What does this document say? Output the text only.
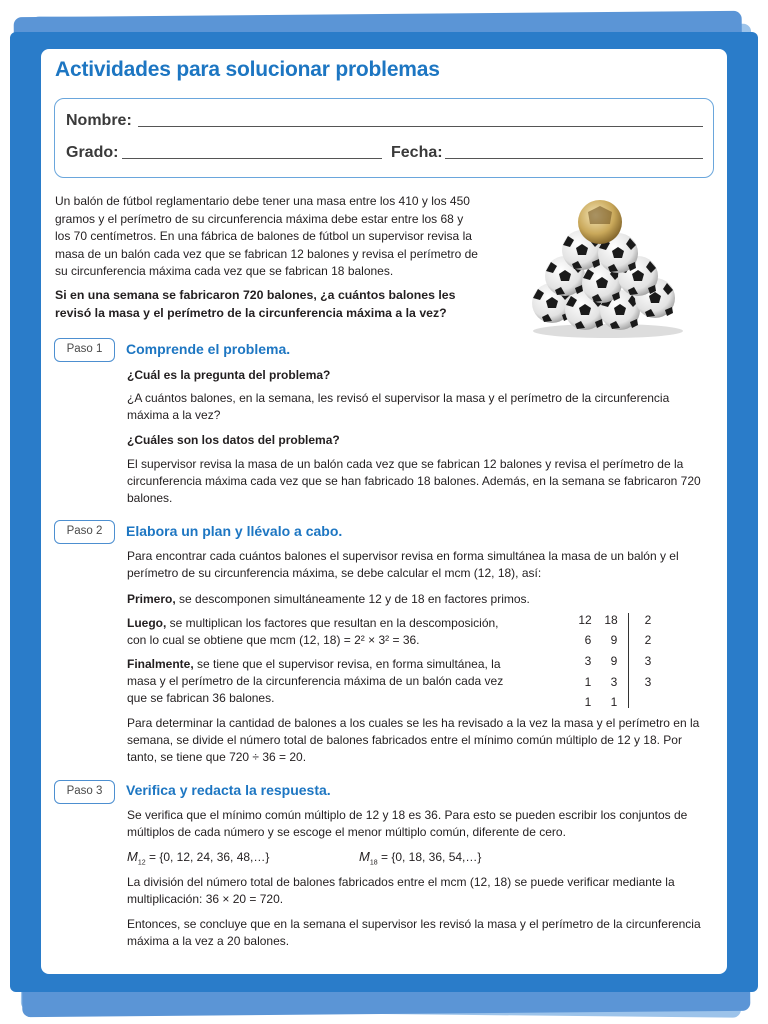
Actividades para solucionar problemas
Nombre:
Grado:	Fecha:

Un balón de fútbol reglamentario debe tener una masa entre los 410 y los 450 gramos y el perímetro de su circunferencia máxima debe estar entre los 68 y los 70 centímetros. En una fábrica de balones de fútbol un supervisor revisa la masa de un balón cada vez que se fabrican 12 balones y revisa el perímetro de su circunferencia máxima cada vez que se fabrican 18 balones.

Si en una semana se fabricaron 720 balones, ¿a cuántos balones les revisó la masa y el perímetro de la circunferencia máxima a la vez?

Paso 1	Comprende el problema.

¿Cuál es la pregunta del problema?

¿A cuántos balones, en la semana, les revisó el supervisor la masa y el perímetro de la circunferencia máxima a la vez?

¿Cuáles son los datos del problema?

El supervisor revisa la masa de un balón cada vez que se fabrican 12 balones y revisa el perímetro de la circunferencia máxima cada vez que se han fabricado 18 balones. Además, en la semana se fabricaron 720 balones.

Paso 2	Elabora un plan y llévalo a cabo.

Para encontrar cada cuántos balones el supervisor revisa en forma simultánea la masa de un balón y el perímetro de su circunferencia máxima, se debe calcular el mcm (12, 18), así:

Primero, se descomponen simultáneamente 12 y de 18 en factores primos.

Luego, se multiplican los factores que resultan en la descomposición, con lo cual se obtiene que mcm (12, 18) = 2² × 3² = 36.

Finalmente, se tiene que el supervisor revisa, en forma simultánea, la masa y el perímetro de la circunferencia máxima de un balón cada vez que se fabrican 36 balones.

12	18	2
6	9	2
3	9	3
1	3	3
1	1

Para determinar la cantidad de balones a los cuales se les ha revisado a la vez la masa y el perímetro en la semana, se divide el número total de balones fabricados entre el mínimo común múltiplo de 12 y 18. Por tanto, se tiene que 720 ÷ 36 = 20.

Paso 3	Verifica y redacta la respuesta.

Se verifica que el mínimo común múltiplo de 12 y 18 es 36. Para esto se pueden escribir los conjuntos de múltiplos de cada número y se escoge el menor múltiplo común, diferente de cero.

$M_{12} = \{0$, 12, 24, 36, 48,…}	$M_{18} = \{0$, 18, 36, 54,…}

La división del número total de balones fabricados entre el mcm (12, 18) se puede verificar mediante la multiplicación: 36 × 20 = 720.

Entonces, se concluye que en la semana el supervisor les revisó la masa y el perímetro de la circunferencia máxima a la vez a 20 balones.
